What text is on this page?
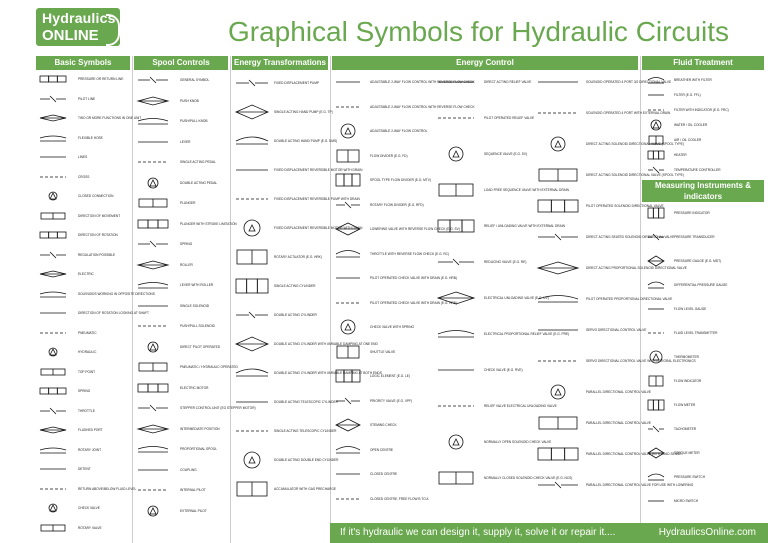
Hydraulics
ONLINE	Graphical Symbols for Hydraulic Circuits
Basic Symbols	Spool Controls	Energy Transformations	Energy Control	Fluid Treatment
Measuring Instruments & indicators
PRESSURE OR RETURN LINE
PILOT LINE
TWO OR MORE FUNCTIONS IN ONE UNIT
FLEXIBLE HOSE
LINES
CROSS
CLOSED CONNECTION
DIRECTION OF MOVEMENT
DIRECTION OF ROTATION
REGULATION POSSIBLE
ELECTRIC
SOLENOIDS WORKING IN OPPOSITE DIRECTIONS
DIRECTION OF ROTATION LOOKING AT SHAFT
PNEUMATIC
HYDRAULIC
TOP POINT
SPRING
THROTTLE
FLUSHED PORT
ROTARY JOINT
DETENT
RETURN ABOVE/BELOW FLUID LEVEL
CHECK VALVE
ROTARY VALVE
GENERAL SYMBOL
PUSH KNOB
PUSH/PULL KNOB
LEVER
SINGLE ACTING PEDAL
DOUBLE ACTING PEDAL
PLUNGER
PLUNGER WITH STROKE LIMITATION
SPRING
ROLLER
LEVER WITH ROLLER
SINGLE SOLENOID
PUSH/PULL SOLENOID
DIRECT PILOT OPERATED
PNEUMATIC / HYDRAULIC OPERATED
ELECTRIC MOTOR
STEPPER CONTROL UNIT (EG STEPPER MOTOR)
INTERMEDIATE POSITION
PROPORTIONAL SPOOL
COUPLING
INTERNAL PILOT
EXTERNAL PILOT
FIXED DISPLACEMENT PUMP
SINGLE ACTING HAND PUMP (E.G. TP)
DOUBLE ACTING HAND PUMP (E.G. DMS)
FIXED DISPLACEMENT REVERSIBLE MOTOR WITH DRAIN
FIXED DISPLACEMENT REVERSIBLE PUMP WITH DRAIN
FIXED DISPLACEMENT REVERSIBLE MOTOR WITH DRAIN
ROTARY ACTUATOR (E.G. HRK)
SINGLE ACTING CYLINDER
DOUBLE ACTING CYLINDER
DOUBLE ACTING CYLINDER WITH VARIABLE DAMPING AT ONE END
DOUBLE ACTING CYLINDER WITH VARIABLE DAMPING AT BOTH ENDS
DOUBLE ACTING TELESCOPIC CYLINDER
SINGLE ACTING TELESCOPIC CYLINDER
DOUBLE ACTING DOUBLE END CYLINDER
ACCUMULATOR WITH GAS PRECHARGE
ADJUSTABLE 2-WAY FLOW CONTROL WITH REVERSE FLOW CHECK
ADJUSTABLE 2-WAY FLOW CONTROL WITH REVERSE FLOW CHECK
ADJUSTABLE 2-WAY FLOW CONTROL
FLOW DIVIDER (E.G. FD)
SPOOL TYPE FLOW DIVIDER (E.G. MTV)
ROTARY FLOW DIVIDER (E.G. RFD)
LOWERING VALVE WITH REVERSE FLOW CHECK (E.G. SV)
THROTTLE WITH REVERSE FLOW CHECK (E.G. RC)
PILOT OPERATED CHECK VALVE WITH DRAIN (E.G. HRB)
PILOT OPERATED CHECK VALVE WITH DRAIN (E.G. HRB)
CHECK VALVE WITH SPRING
SHUTTLE VALVE
LOGIC ELEMENT (E.G. LE)
PRIORITY VALVE (E.G. VPF)
STEMING CHECK
OPEN CENTRE
CLOSED CENTRE
CLOSED CENTRE, FREE FLOW B TO A
DIRECT ACTING RELIEF VALVE
PILOT OPERATED RELIEF VALVE
SEQUENCE VALVE (E.G. SV)
LOAD FREE SEQUENCE VALVE WITH EXTERNAL DRAIN
RELIEF / UNLOADING VALVE WITH EXTERNAL DRAIN
REDUCING VALVE (E.G. RE)
ELECTRICAL UNLOADING VALVE (E.G. UV)
ELECTRICAL PROPORTIONAL RELIEF VALVE (E.G. PRE)
CHECK VALVE (E.G. RVE)
RELIEF VALVE ELECTRICAL UNLOADING VALVE
NORMALLY OPEN SOLENOID CHECK VALVE
NORMALLY CLOSED SOLENOID CHECK VALVE (E.G. NCS)
SOLENOID OPERATED 4 PORT 3/2 DIRECTIONAL VALVE
SOLENOID OPERATED 4 PORT WITH EXTERNAL DRAIN
DIRECT ACTING SOLENOID DIRECTIONAL VALVE (SPOOL TYPE)
DIRECT ACTING SOLENOID DIRECTIONAL VALVE (SPOOL TYPE)
PILOT OPERATED SOLENOID DIRECTIONAL VALVE
DIRECT ACTING SEATED SOLENOID DIRECTIONAL VALVE
DIRECT ACTING PROPORTIONAL SOLENOID DIRECTIONAL VALVE
PILOT OPERATED PROPORTIONAL DIRECTIONAL VALVE
SERVO DIRECTIONAL CONTROL VALVE
SERVO DIRECTIONAL CONTROL VALVE WITH INTEGRAL ELECTRONICS
PARALLEL DIRECTIONAL CONTROL VALVE
PARALLEL DIRECTIONAL CONTROL VALVE
PARALLEL DIRECTIONAL CONTROL VALVE WITH LOAD SENSE
PARALLEL DIRECTIONAL CONTROL VALVE FOR USE WITH LOWERING
BREATHER WITH FILTER
FILTER (E.G. FFL)
FILTER WITH INDICATOR (E.G. FRC)
WATER / OIL COOLER
AIR / OIL COOLER
HEATER
TEMPERATURE CONTROLLER
PRESSURE INDICATOR
PRESSURE TRANSDUCER
PRESSURE GAUGE (E.G. MDT)
DIFFERENTIAL PRESSURE GAUGE
FLOW LEVEL GAUGE
FLUID LEVEL TRANSMITTER
THERMOMETER
FLOW INDICATOR
FLOW METER
TACHOMETER
TORQUE METER
PRESSURE SWITCH
MICRO SWITCH
If it's hydraulic we can design it, supply it, solve it or repair it....	HydraulicsOnline.com
